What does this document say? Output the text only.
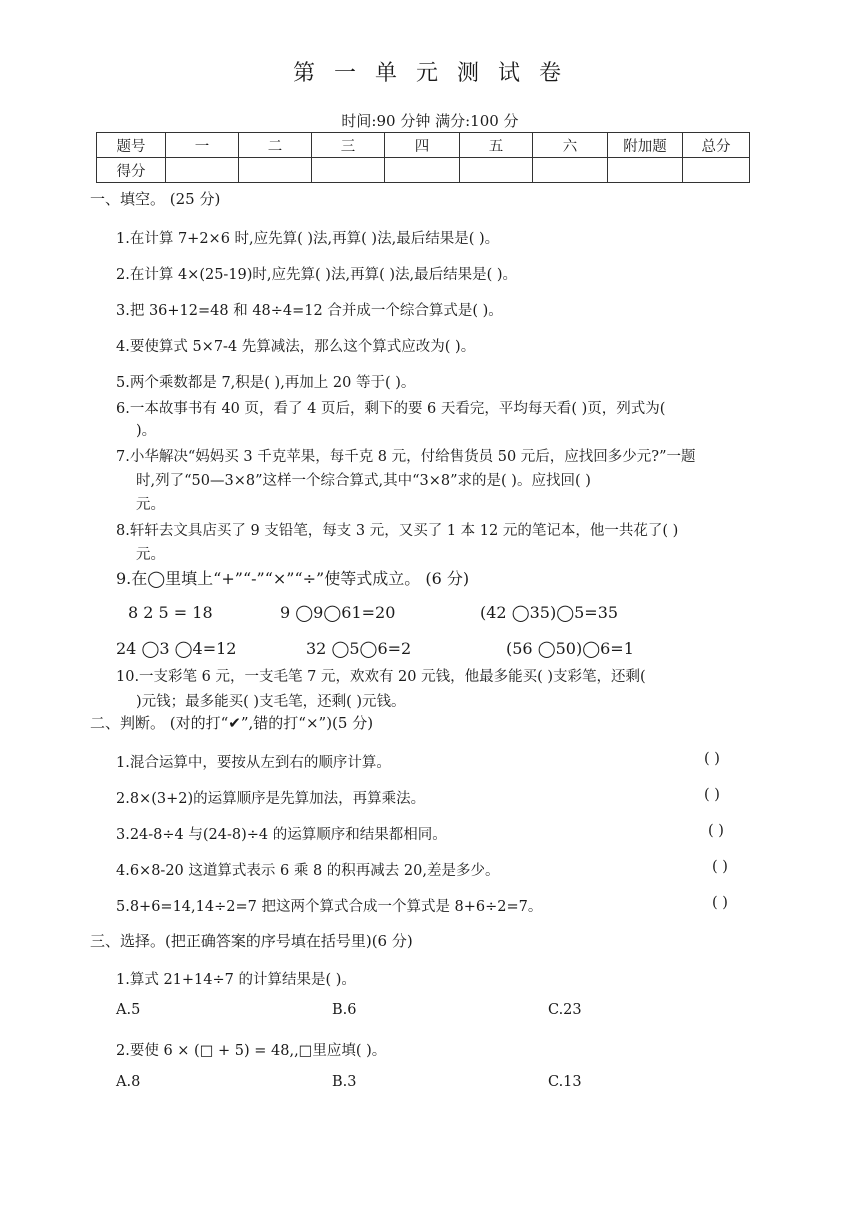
第 一 单 元 测 试 卷
时间:90 分钟 满分:100 分
题号	一	二	三	四	五	六	附加题	总分
得分								
一、填空。 (25 分)
1.在计算 7+2×6 时,应先算( )法,再算( )法,最后结果是( )。
2.在计算 4×(25-19)时,应先算( )法,再算( )法,最后结果是( )。
3.把 36+12=48 和 48÷4=12 合并成一个综合算式是( )。
4.要使算式 5×7-4 先算减法，那么这个算式应改为( )。
5.两个乘数都是 7,积是( ),再加上 20 等于( )。
6.一本故事书有 40 页，看了 4 页后，剩下的要 6 天看完，平均每天看( )页，列式为(
)。
7.小华解决“妈妈买 3 千克苹果，每千克 8 元，付给售货员 50 元后，应找回多少元?”一题
时,列了“50—3×8”这样一个综合算式,其中“3×8”求的是( )。应找回( )
元。
8.轩轩去文具店买了 9 支铅笔，每支 3 元，又买了 1 本 12 元的笔记本，他一共花了( )
元。
9.在◯里填上“+”“-”“×”“÷”使等式成立。 (6 分)
8 2 5 = 18	9 ◯9◯61=20	(42 ◯35)◯5=35
24 ◯3 ◯4=12	32 ◯5◯6=2	(56 ◯50)◯6=1
10.一支彩笔 6 元，一支毛笔 7 元，欢欢有 20 元钱，他最多能买( )支彩笔，还剩(
)元钱；最多能买( )支毛笔，还剩( )元钱。
二、判断。 (对的打“✔”,错的打“×”)(5 分)
1.混合运算中，要按从左到右的顺序计算。	( )
2.8×(3+2)的运算顺序是先算加法，再算乘法。	( )
3.24-8÷4 与(24-8)÷4 的运算顺序和结果都相同。	( )
4.6×8-20 这道算式表示 6 乘 8 的积再减去 20,差是多少。	( )
5.8+6=14,14÷2=7 把这两个算式合成一个算式是 8+6÷2=7。	( )
三、选择。(把正确答案的序号填在括号里)(6 分)
1.算式 21+14÷7 的计算结果是( )。
A.5	B.6	C.23
2.要使 6 × (□ + 5) = 48,,□里应填( )。
A.8	B.3	C.13
